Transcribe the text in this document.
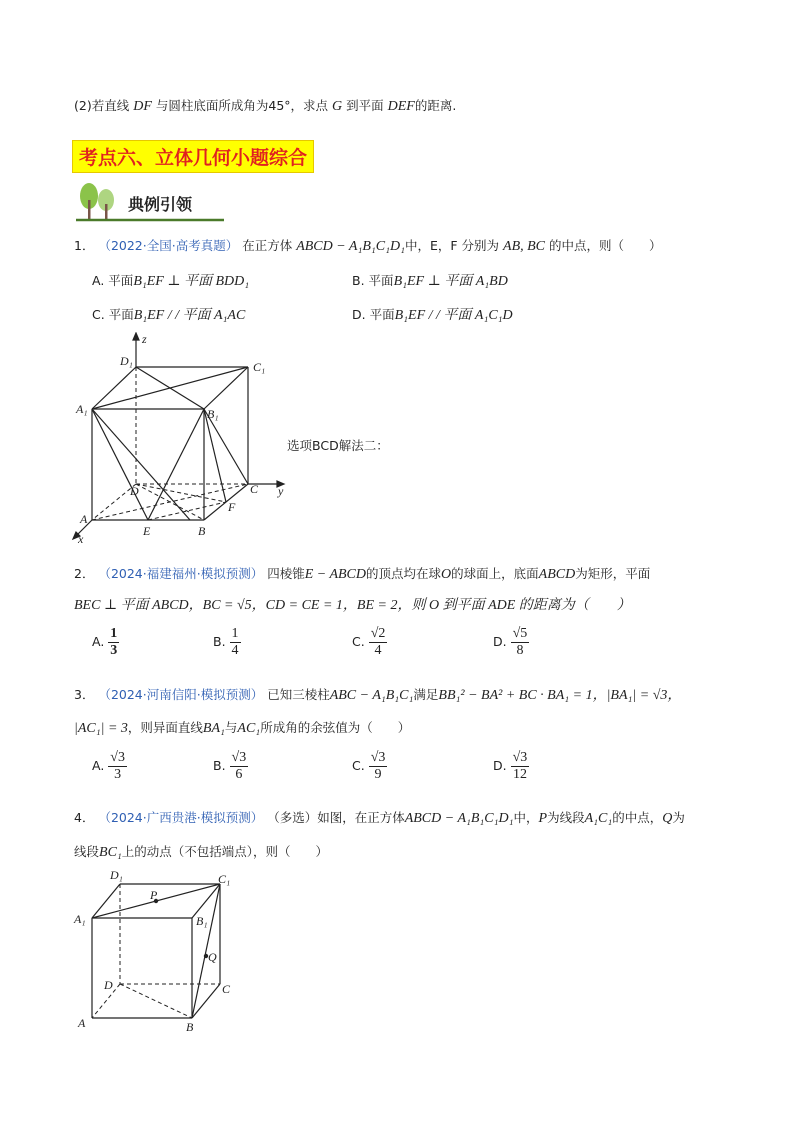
(2)若直线 DF 与圆柱底面所成角为45°，求点 G 到平面 DEF的距离.
考点六、立体几何小题综合
典例引领
1． （2022·全国·高考真题） 在正方体 ABCD − A₁B₁C₁D₁中，E，F 分别为 AB, BC 的中点，则（　　）
A. 平面B₁EF ⊥ 平面 BDD₁	B. 平面B₁EF ⊥ 平面 A₁BD
C. 平面B₁EF / / 平面 A₁AC	D. 平面B₁EF / / 平面 A₁C₁D
D₁	C₁
A₁	B₁
D	C
A
B
E
F
z
y
x
选项BCD解法二：
2． （2024·福建福州·模拟预测） 四棱锥E − ABCD的顶点均在球O的球面上，底面ABCD为矩形，平面
BEC ⊥ 平面 ABCD，BC = √5，CD = CE = 1，BE = 2，则 O 到平面 ADE 的距离为（　　）
A. $\frac{1}{3}$	B. $\frac{1}{4}$	C. $\frac{√2}{4}$	D. $\frac{√5}{8}$
3． （2024·河南信阳·模拟预测） 已知三棱柱ABC − A₁B₁C₁满足BB₁² − BA² + BC · BA₁ = 1，|BA₁| = √3，
|AC₁| = 3，则异面直线BA₁与AC₁所成角的余弦值为（　　）
A. $\frac{√3}{3}$	B. $\frac{√3}{6}$	C. $\frac{√3}{9}$	D. $\frac{√3}{12}$
4． （2024·广西贵港·模拟预测） （多选）如图，在正方体ABCD − A₁B₁C₁D₁中，P为线段A₁C₁的中点，Q为
线段BC₁上的动点（不包括端点），则（　　）
D₁	C₁
P
A₁	B₁
Q
D	C
A	B
